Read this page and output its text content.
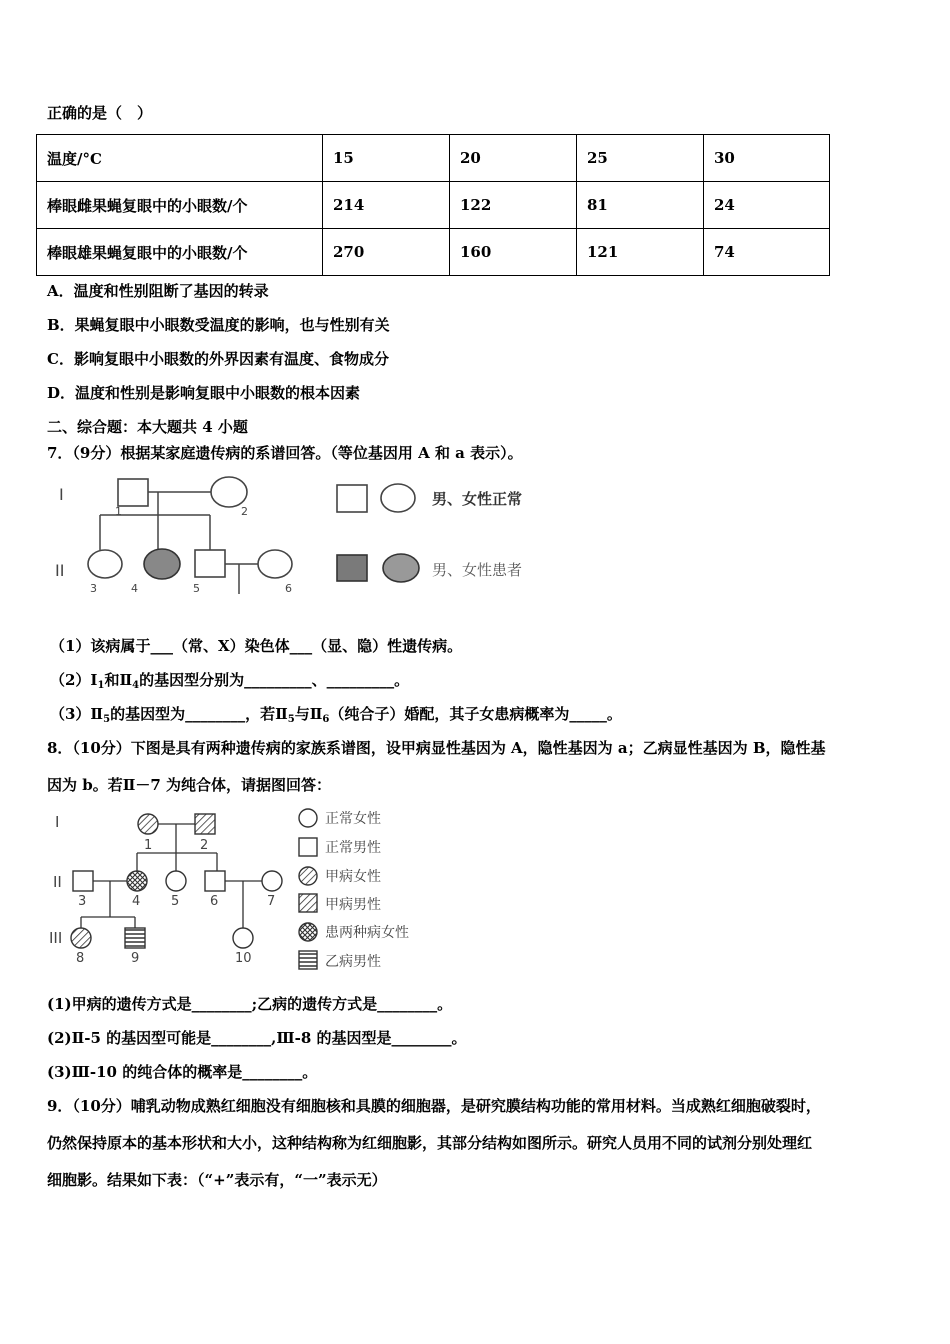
正确的是（　）
温度/°C	15	20	25	30
棒眼雌果蝇复眼中的小眼数/个	214	122	81	24
棒眼雄果蝇复眼中的小眼数/个	270	160	121	74
A．温度和性别阻断了基因的转录
B．果蝇复眼中小眼数受温度的影响，也与性别有关
C．影响复眼中小眼数的外界因素有温度、食物成分
D．温度和性别是影响复眼中小眼数的根本因素
二、综合题：本大题共 4 小题
7．（9分）根据某家庭遗传病的系谱回答。（等位基因用 A 和 a 表示）。
I
II
1	2
3	4	5	6
男、女性正常
男、女性患者
（1）该病属于___（常、X）染色体___（显、隐）性遗传病。
$(2)Ⅰ_1$和$Ⅱ_4$的基因型分别为_________、_________。
$(3)Ⅱ_5$的基因型为________，若$Ⅱ_5$与$Ⅱ_6$（纯合子）婚配，其子女患病概率为_____。
8．（10分）下图是具有两种遗传病的家族系谱图，设甲病显性基因为 A，隐性基因为 a；乙病显性基因为 B，隐性基
因为 b。若Ⅱ－7 为纯合体，请据图回答：
I
II
III
1	2
3	4 5 6	7
8	9	10
正常女性
正常男性
甲病女性
甲病男性
患两种病女性
乙病男性
(1)甲病的遗传方式是________;乙病的遗传方式是________。
(2)Ⅱ-5 的基因型可能是________,Ⅲ-8 的基因型是________。
(3)Ⅲ-10 的纯合体的概率是________。
9．（10分）哺乳动物成熟红细胞没有细胞核和具膜的细胞器，是研究膜结构功能的常用材料。当成熟红细胞破裂时，
仍然保持原本的基本形状和大小，这种结构称为红细胞影，其部分结构如图所示。研究人员用不同的试剂分别处理红
细胞影。结果如下表：（“+”表示有，“一”表示无）
